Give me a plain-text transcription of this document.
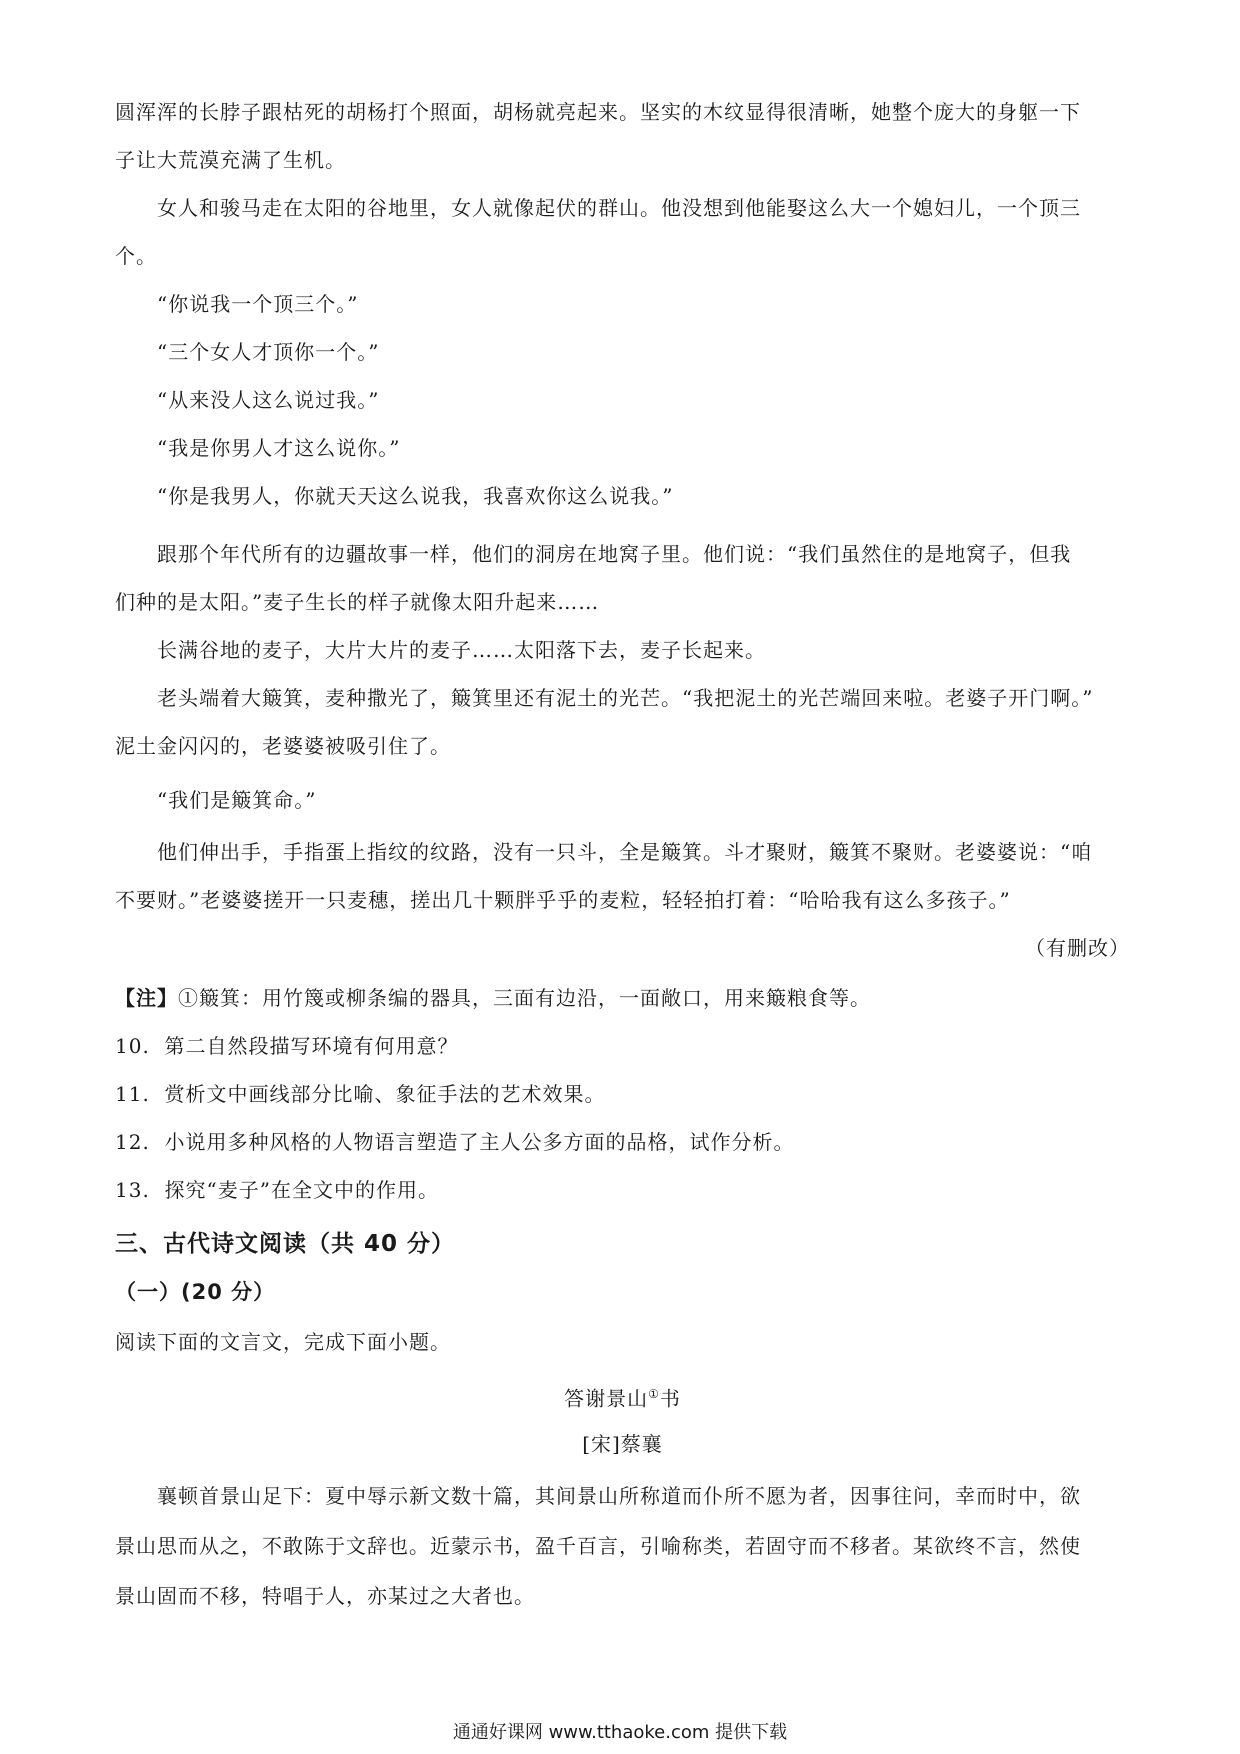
圆浑浑的长脖子跟枯死的胡杨打个照面，胡杨就亮起来。坚实的木纹显得很清晰，她整个庞大的身躯一下

子让大荒漠充满了生机。

女人和骏马走在太阳的谷地里，女人就像起伏的群山。他没想到他能娶这么大一个媳妇儿，一个顶三

个。

“你说我一个顶三个。”

“三个女人才顶你一个。”

“从来没人这么说过我。”

“我是你男人才这么说你。”

“你是我男人，你就天天这么说我，我喜欢你这么说我。”

跟那个年代所有的边疆故事一样，他们的洞房在地窝子里。他们说：“我们虽然住的是地窝子，但我

们种的是太阳。”麦子生长的样子就像太阳升起来……

长满谷地的麦子，大片大片的麦子……太阳落下去，麦子长起来。

老头端着大簸箕，麦种撒光了，簸箕里还有泥土的光芒。“我把泥土的光芒端回来啦。老婆子开门啊。”

泥土金闪闪的，老婆婆被吸引住了。

“我们是簸箕命。”

他们伸出手，手指蛋上指纹的纹路，没有一只斗，全是簸箕。斗才聚财，簸箕不聚财。老婆婆说：“咱

不要财。”老婆婆搓开一只麦穗，搓出几十颗胖乎乎的麦粒，轻轻拍打着：“哈哈我有这么多孩子。”

（有删改）

【注】①簸箕：用竹篾或柳条编的器具，三面有边沿，一面敞口，用来簸粮食等。

10. 第二自然段描写环境有何用意？

11. 赏析文中画线部分比喻、象征手法的艺术效果。

12. 小说用多种风格的人物语言塑造了主人公多方面的品格，试作分析。

13. 探究“麦子”在全文中的作用。

三、古代诗文阅读（共 40 分）

（一）(20 分）

阅读下面的文言文，完成下面小题。

答谢景山①书

[宋]蔡襄

襄顿首景山足下：夏中辱示新文数十篇，其间景山所称道而仆所不愿为者，因事往问，幸而时中，欲

景山思而从之，不敢陈于文辞也。近蒙示书，盈千百言，引喻称类，若固守而不移者。某欲终不言，然使

景山固而不移，特唱于人，亦某过之大者也。

通通好课网 www.tthaoke.com 提供下载
